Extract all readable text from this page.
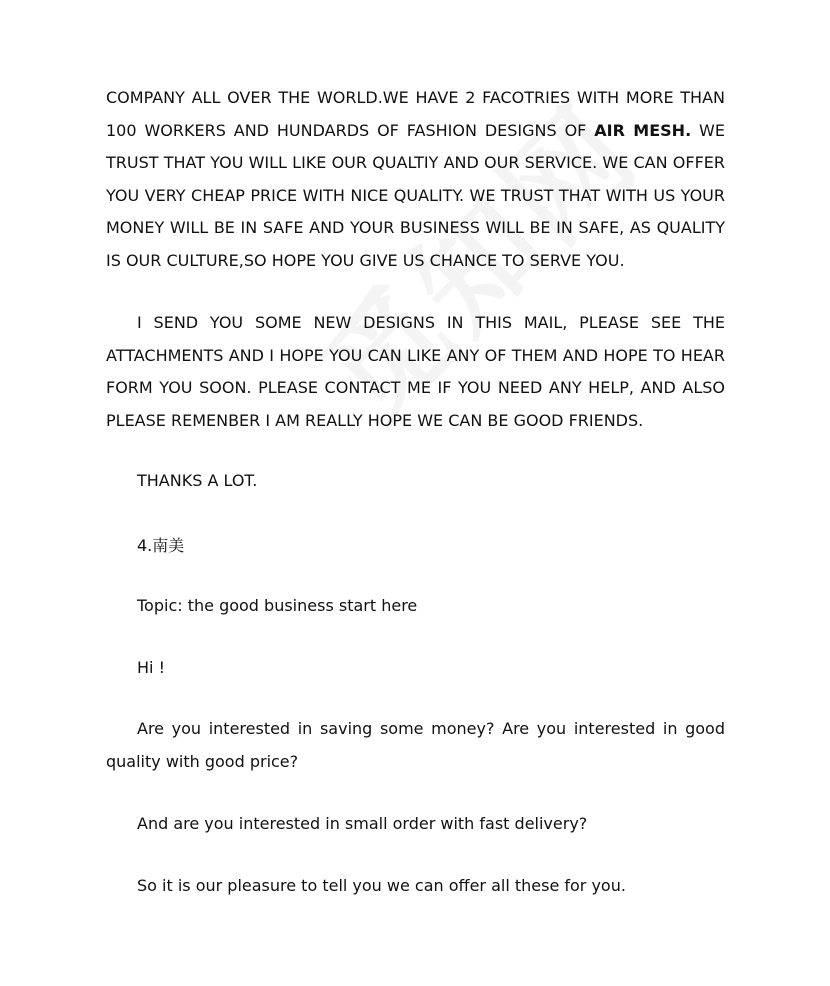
COMPANY ALL OVER THE WORLD.WE HAVE 2 FACOTRIES WITH MORE THAN 100 WORKERS AND HUNDARDS OF FASHION DESIGNS OF AIR MESH. WE TRUST THAT YOU WILL LIKE OUR QUALTIY AND OUR SERVICE. WE CAN OFFER YOU VERY CHEAP PRICE WITH NICE QUALITY. WE TRUST THAT WITH US YOUR MONEY WILL BE IN SAFE AND YOUR BUSINESS WILL BE IN SAFE, AS QUALITY IS OUR CULTURE,SO HOPE YOU GIVE US CHANCE TO SERVE YOU.

I SEND YOU SOME NEW DESIGNS IN THIS MAIL, PLEASE SEE THE ATTACHMENTS AND I HOPE YOU CAN LIKE ANY OF THEM AND HOPE TO HEAR FORM YOU SOON. PLEASE CONTACT ME IF YOU NEED ANY HELP, AND ALSO PLEASE REMENBER I AM REALLY HOPE WE CAN BE GOOD FRIENDS.

THANKS A LOT.

4.南美

Topic: the good business start here

Hi !

Are you interested in saving some money? Are you interested in good quality with good price?

And are you interested in small order with fast delivery?

So it is our pleasure to tell you we can offer all these for you.
